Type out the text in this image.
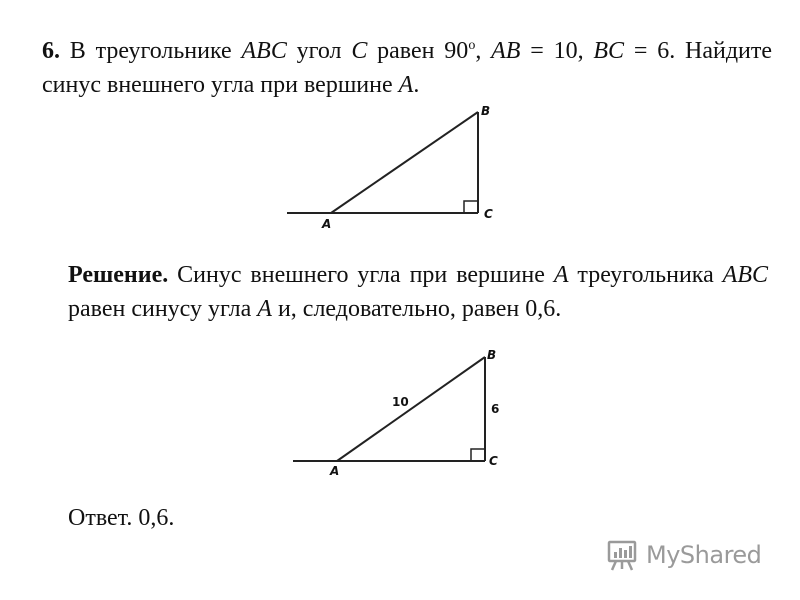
6. В треугольнике ABC угол C равен 90$^o$, AB = 10, BC = 6. Найдите синус внешнего угла при вершине A.
A
B
C
Решение. Синус внешнего угла при вершине A треугольника ABC равен синусу угла A и, следовательно, равен 0,6.
A
B
C
10	6
Ответ. 0,6.
MyShared
